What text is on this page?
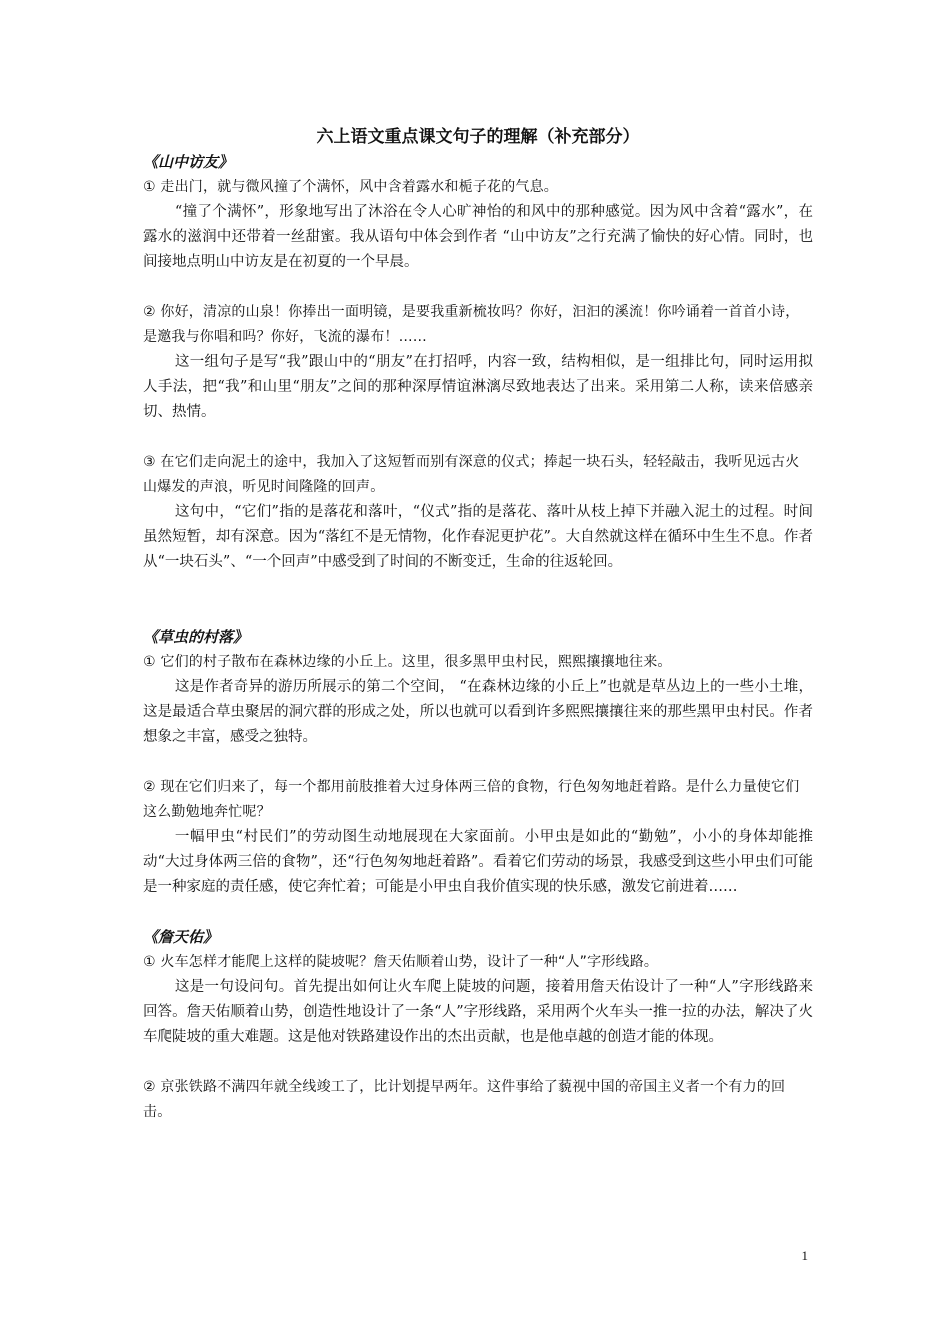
六上语文重点课文句子的理解（补充部分）
《山中访友》
① 走出门，就与微风撞了个满怀，风中含着露水和栀子花的气息。
“撞了个满怀”，形象地写出了沐浴在令人心旷神怡的和风中的那种感觉。因为风中含着“露水”，在露水的滋润中还带着一丝甜蜜。我从语句中体会到作者 “山中访友”之行充满了愉快的好心情。同时，也间接地点明山中访友是在初夏的一个早晨。
② 你好，清凉的山泉！你捧出一面明镜，是要我重新梳妆吗？你好，汩汩的溪流！你吟诵着一首首小诗，是邀我与你唱和吗？你好，飞流的瀑布！……
这一组句子是写“我”跟山中的“朋友”在打招呼，内容一致，结构相似，是一组排比句，同时运用拟人手法，把“我”和山里“朋友”之间的那种深厚情谊淋漓尽致地表达了出来。采用第二人称，读来倍感亲切、热情。
③ 在它们走向泥土的途中，我加入了这短暂而别有深意的仪式；捧起一块石头，轻轻敲击，我听见远古火山爆发的声浪，听见时间隆隆的回声。
这句中，“它们”指的是落花和落叶，“仪式”指的是落花、落叶从枝上掉下并融入泥土的过程。时间虽然短暂，却有深意。因为“落红不是无情物，化作春泥更护花”。大自然就这样在循环中生生不息。作者从“一块石头”、“一个回声”中感受到了时间的不断变迁，生命的往返轮回。
《草虫的村落》
① 它们的村子散布在森林边缘的小丘上。这里，很多黑甲虫村民，熙熙攘攘地往来。
这是作者奇异的游历所展示的第二个空间， “在森林边缘的小丘上”也就是草丛边上的一些小土堆，这是最适合草虫聚居的洞穴群的形成之处，所以也就可以看到许多熙熙攘攘往来的那些黑甲虫村民。作者想象之丰富，感受之独特。
② 现在它们归来了，每一个都用前肢推着大过身体两三倍的食物，行色匆匆地赶着路。是什么力量使它们这么勤勉地奔忙呢？
一幅甲虫“村民们”的劳动图生动地展现在大家面前。小甲虫是如此的“勤勉”，小小的身体却能推动“大过身体两三倍的食物”，还“行色匆匆地赶着路”。看着它们劳动的场景，我感受到这些小甲虫们可能是一种家庭的责任感，使它奔忙着；可能是小甲虫自我价值实现的快乐感，激发它前进着……
《詹天佑》
① 火车怎样才能爬上这样的陡坡呢？詹天佑顺着山势，设计了一种“人”字形线路。
这是一句设问句。首先提出如何让火车爬上陡坡的问题，接着用詹天佑设计了一种“人”字形线路来回答。詹天佑顺着山势，创造性地设计了一条“人”字形线路，采用两个火车头一推一拉的办法，解决了火车爬陡坡的重大难题。这是他对铁路建设作出的杰出贡献，也是他卓越的创造才能的体现。
② 京张铁路不满四年就全线竣工了，比计划提早两年。这件事给了藐视中国的帝国主义者一个有力的回击。
1
